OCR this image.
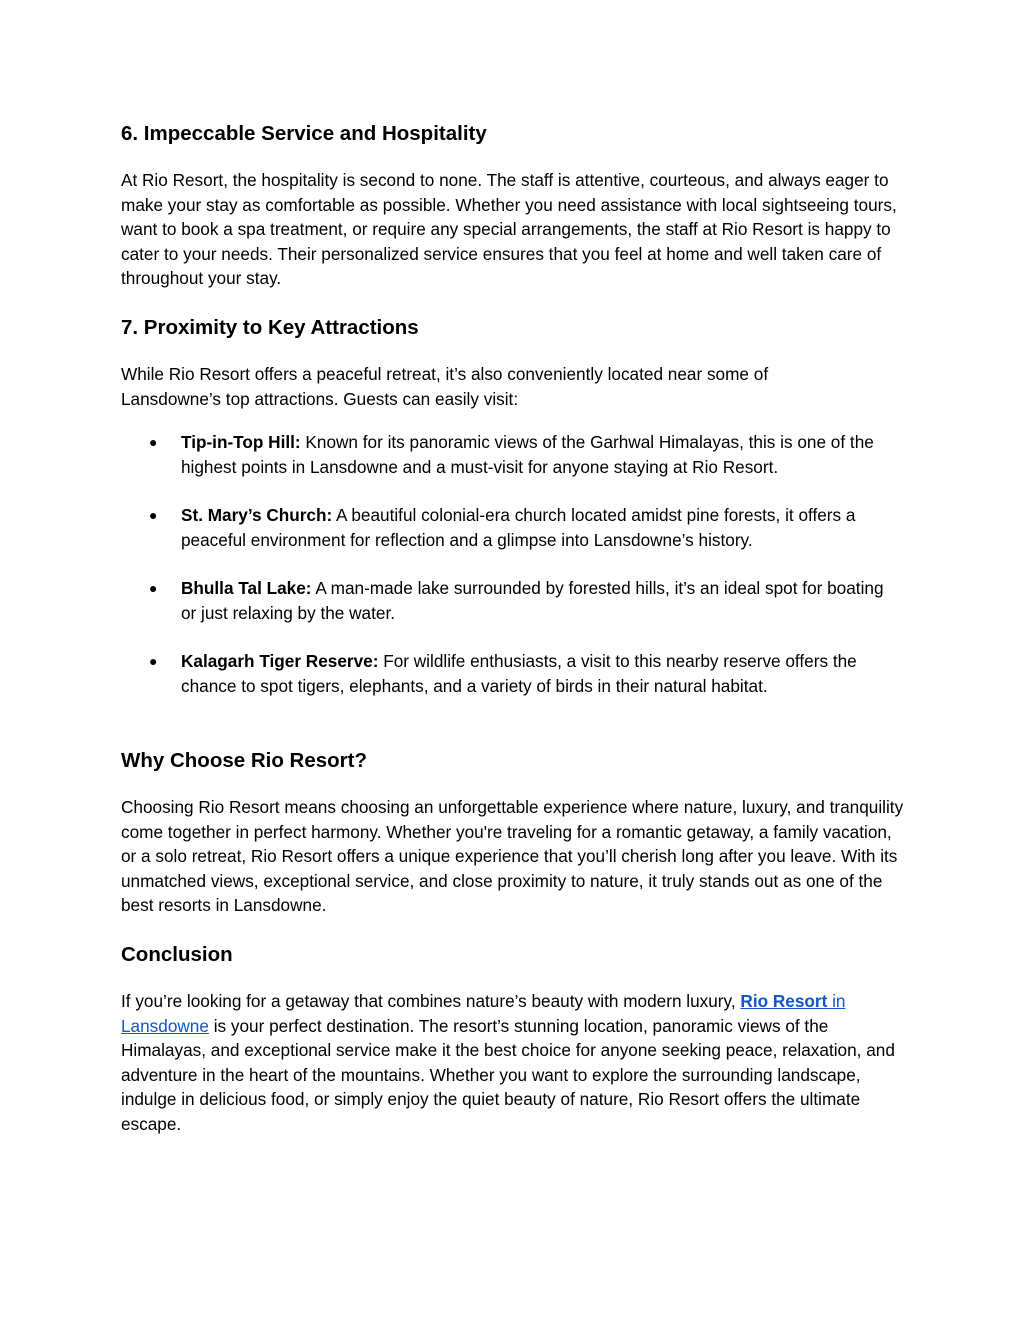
6. Impeccable Service and Hospitality

At Rio Resort, the hospitality is second to none. The staff is attentive, courteous, and always eager to make your stay as comfortable as possible. Whether you need assistance with local sightseeing tours, want to book a spa treatment, or require any special arrangements, the staff at Rio Resort is happy to cater to your needs. Their personalized service ensures that you feel at home and well taken care of throughout your stay.

7. Proximity to Key Attractions

While Rio Resort offers a peaceful retreat, it’s also conveniently located near some of Lansdowne’s top attractions. Guests can easily visit:

● Tip-in-Top Hill: Known for its panoramic views of the Garhwal Himalayas, this is one of the highest points in Lansdowne and a must-visit for anyone staying at Rio Resort.
● St. Mary’s Church: A beautiful colonial-era church located amidst pine forests, it offers a peaceful environment for reflection and a glimpse into Lansdowne’s history.
● Bhulla Tal Lake: A man-made lake surrounded by forested hills, it’s an ideal spot for boating or just relaxing by the water.
● Kalagarh Tiger Reserve: For wildlife enthusiasts, a visit to this nearby reserve offers the chance to spot tigers, elephants, and a variety of birds in their natural habitat.
Why Choose Rio Resort?

Choosing Rio Resort means choosing an unforgettable experience where nature, luxury, and tranquility come together in perfect harmony. Whether you're traveling for a romantic getaway, a family vacation, or a solo retreat, Rio Resort offers a unique experience that you’ll cherish long after you leave. With its unmatched views, exceptional service, and close proximity to nature, it truly stands out as one of the best resorts in Lansdowne.

Conclusion

If you’re looking for a getaway that combines nature’s beauty with modern luxury, Rio Resort in Lansdowne is your perfect destination. The resort’s stunning location, panoramic views of the Himalayas, and exceptional service make it the best choice for anyone seeking peace, relaxation, and adventure in the heart of the mountains. Whether you want to explore the surrounding landscape, indulge in delicious food, or simply enjoy the quiet beauty of nature, Rio Resort offers the ultimate escape.
